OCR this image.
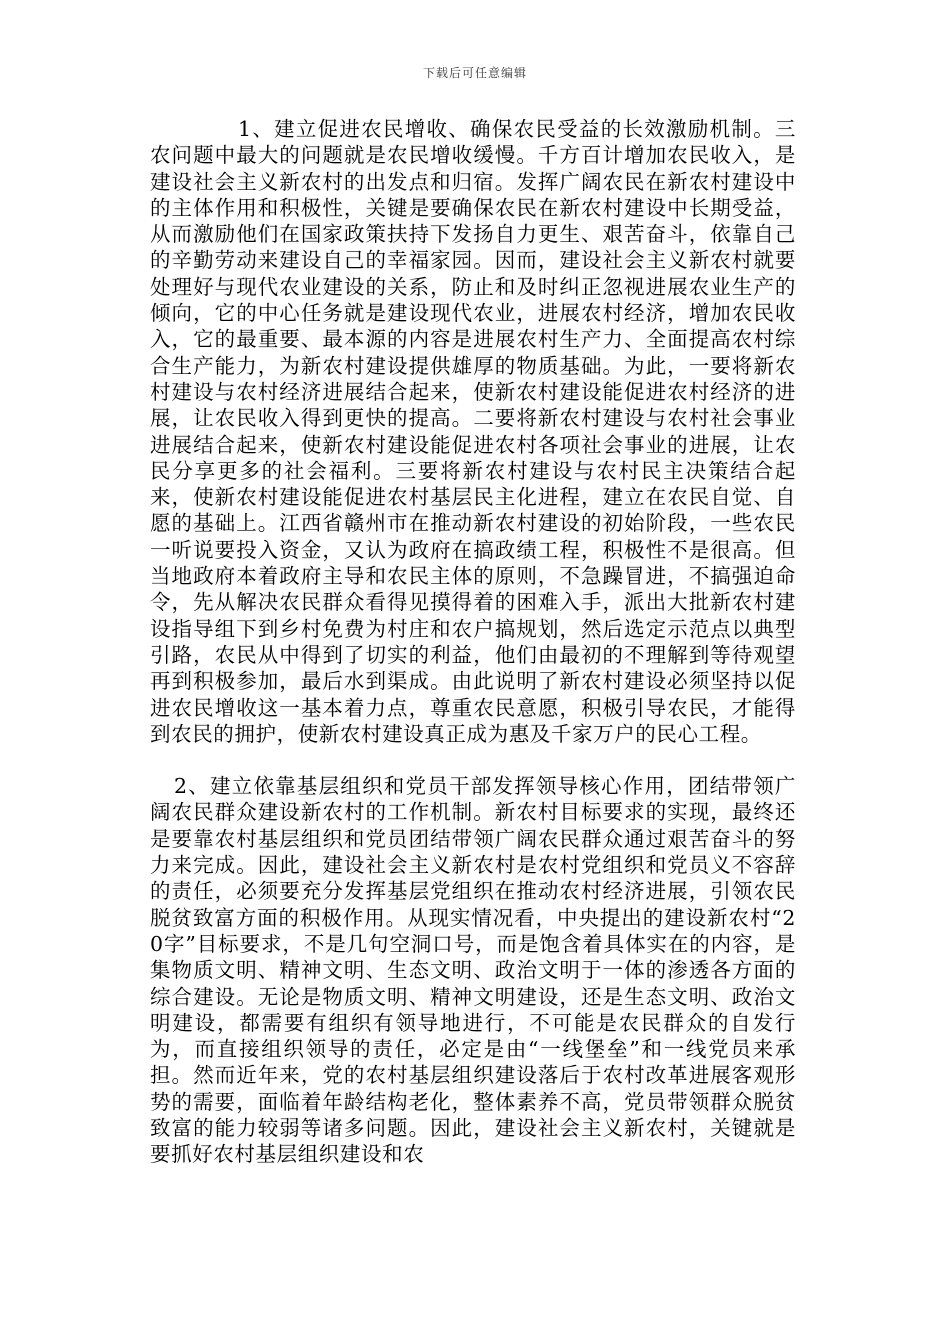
下载后可任意编辑

1、建立促进农民增收、确保农民受益的长效激励机制。三农问题中最大的问题就是农民增收缓慢。千方百计增加农民收入，是建设社会主义新农村的出发点和归宿。发挥广阔农民在新农村建设中的主体作用和积极性，关键是要确保农民在新农村建设中长期受益，从而激励他们在国家政策扶持下发扬自力更生、艰苦奋斗，依靠自己的辛勤劳动来建设自己的幸福家园。因而，建设社会主义新农村就要处理好与现代农业建设的关系，防止和及时纠正忽视进展农业生产的倾向，它的中心任务就是建设现代农业，进展农村经济，增加农民收入，它的最重要、最本源的内容是进展农村生产力、全面提高农村综合生产能力，为新农村建设提供雄厚的物质基础。为此，一要将新农村建设与农村经济进展结合起来，使新农村建设能促进农村经济的进展，让农民收入得到更快的提高。二要将新农村建设与农村社会事业进展结合起来，使新农村建设能促进农村各项社会事业的进展，让农民分享更多的社会福利。三要将新农村建设与农村民主决策结合起来，使新农村建设能促进农村基层民主化进程，建立在农民自觉、自愿的基础上。江西省赣州市在推动新农村建设的初始阶段，一些农民一听说要投入资金，又认为政府在搞政绩工程，积极性不是很高。但当地政府本着政府主导和农民主体的原则，不急躁冒进，不搞强迫命令，先从解决农民群众看得见摸得着的困难入手，派出大批新农村建设指导组下到乡村免费为村庄和农户搞规划，然后选定示范点以典型引路，农民从中得到了切实的利益，他们由最初的不理解到等待观望再到积极参加，最后水到渠成。由此说明了新农村建设必须坚持以促进农民增收这一基本着力点，尊重农民意愿，积极引导农民，才能得到农民的拥护，使新农村建设真正成为惠及千家万户的民心工程。

2、建立依靠基层组织和党员干部发挥领导核心作用，团结带领广阔农民群众建设新农村的工作机制。新农村目标要求的实现，最终还是要靠农村基层组织和党员团结带领广阔农民群众通过艰苦奋斗的努力来完成。因此，建设社会主义新农村是农村党组织和党员义不容辞的责任，必须要充分发挥基层党组织在推动农村经济进展，引领农民脱贫致富方面的积极作用。从现实情况看，中央提出的建设新农村“20字”目标要求，不是几句空洞口号，而是饱含着具体实在的内容，是集物质文明、精神文明、生态文明、政治文明于一体的渗透各方面的综合建设。无论是物质文明、精神文明建设，还是生态文明、政治文明建设，都需要有组织有领导地进行，不可能是农民群众的自发行为，而直接组织领导的责任，必定是由“一线堡垒”和一线党员来承担。然而近年来，党的农村基层组织建设落后于农村改革进展客观形势的需要，面临着年龄结构老化，整体素养不高，党员带领群众脱贫致富的能力较弱等诸多问题。因此，建设社会主义新农村，关键就是要抓好农村基层组织建设和农
